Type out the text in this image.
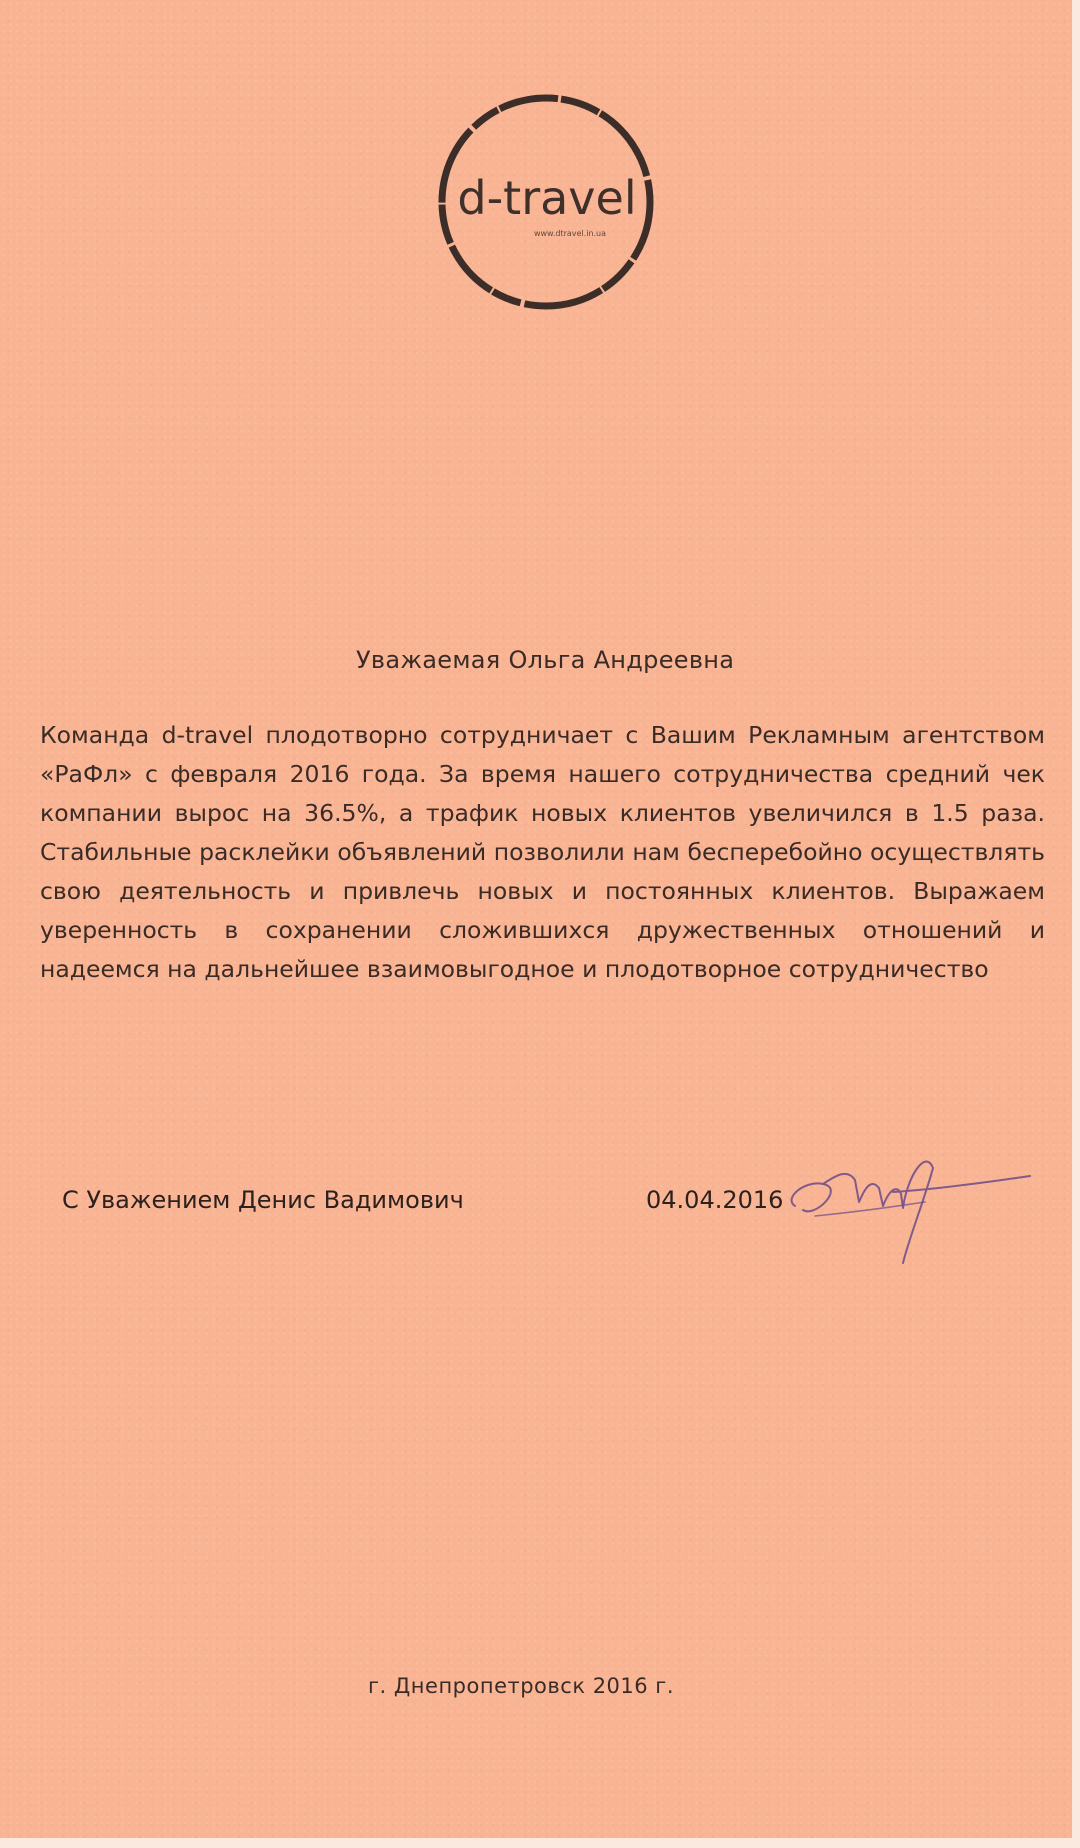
d-travel
www.dtravel.in.ua
Уважаемая Ольга Андреевна

Команда d-travel плодотворно сотрудничает с Вашим Рекламным агентством «РаФл» с февраля 2016 года. За время нашего сотрудничества средний чек компании вырос на 36.5%, а трафик новых клиентов увеличился в 1.5 раза. Стабильные расклейки объявлений позволили нам бесперебойно осуществлять свою деятельность и привлечь новых и постоянных клиентов. Выражаем уверенность в сохранении сложившихся дружественных отношений и надеемся на дальнейшее взаимовыгодное и плодотворное сотрудничество

С Уважением Денис Вадимович	04.04.2016
г. Днепропетровск 2016 г.
